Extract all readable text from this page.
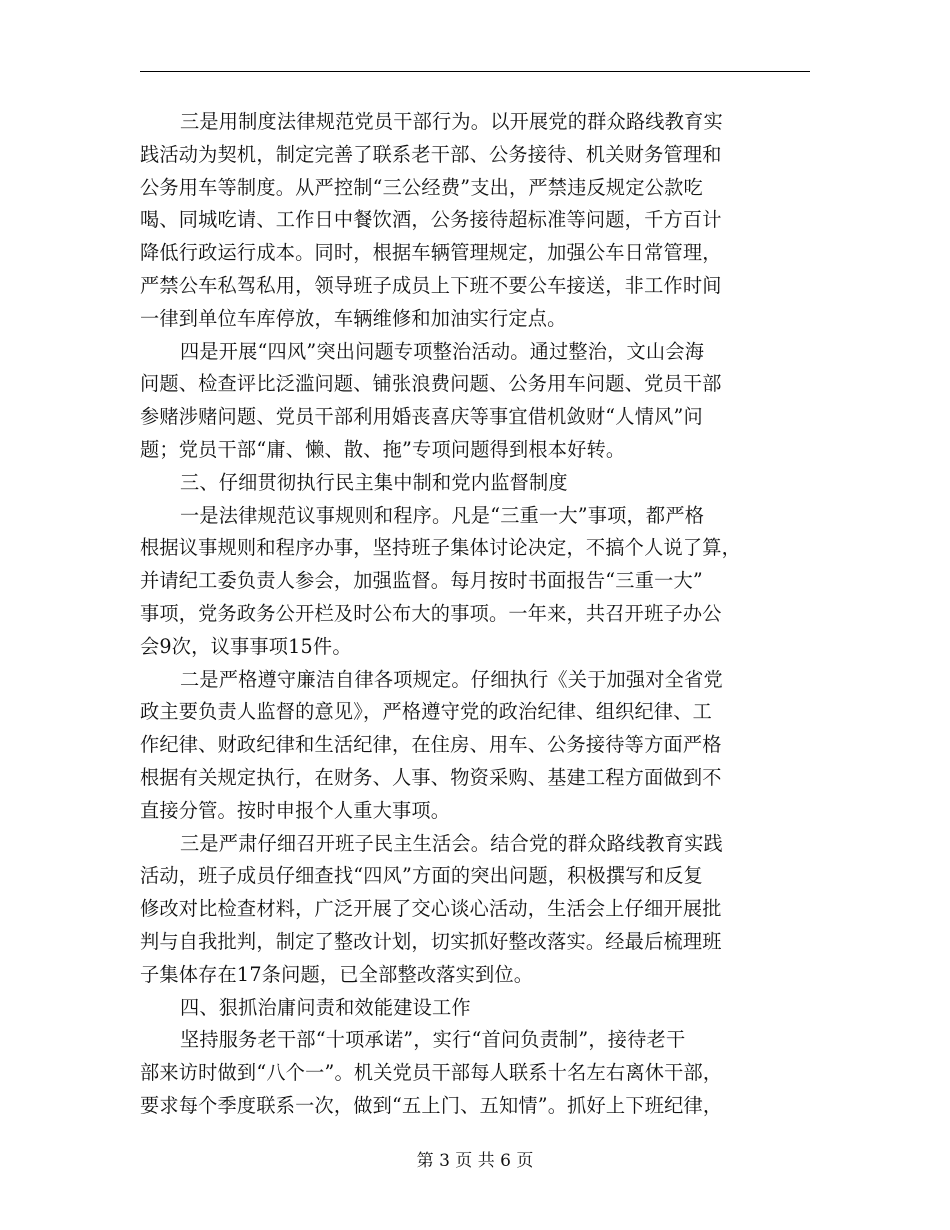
三是用制度法律规范党员干部行为。以开展党的群众路线教育实
践活动为契机，制定完善了联系老干部、公务接待、机关财务管理和
公务用车等制度。从严控制“三公经费”支出，严禁违反规定公款吃
喝、同城吃请、工作日中餐饮酒，公务接待超标准等问题，千方百计
降低行政运行成本。同时，根据车辆管理规定，加强公车日常管理，
严禁公车私驾私用，领导班子成员上下班不要公车接送，非工作时间
一律到单位车库停放，车辆维修和加油实行定点。
四是开展“四风”突出问题专项整治活动。通过整治，文山会海
问题、检查评比泛滥问题、铺张浪费问题、公务用车问题、党员干部
参赌涉赌问题、党员干部利用婚丧喜庆等事宜借机敛财“人情风”问
题；党员干部“庸、懒、散、拖”专项问题得到根本好转。
三、仔细贯彻执行民主集中制和党内监督制度
一是法律规范议事规则和程序。凡是“三重一大”事项，都严格
根据议事规则和程序办事，坚持班子集体讨论决定，不搞个人说了算，
并请纪工委负责人参会，加强监督。每月按时书面报告“三重一大”
事项，党务政务公开栏及时公布大的事项。一年来，共召开班子办公
会9次，议事事项15件。
二是严格遵守廉洁自律各项规定。仔细执行《关于加强对全省党
政主要负责人监督的意见》，严格遵守党的政治纪律、组织纪律、工
作纪律、财政纪律和生活纪律，在住房、用车、公务接待等方面严格
根据有关规定执行，在财务、人事、物资采购、基建工程方面做到不
直接分管。按时申报个人重大事项。
三是严肃仔细召开班子民主生活会。结合党的群众路线教育实践
活动，班子成员仔细查找“四风”方面的突出问题，积极撰写和反复
修改对比检查材料，广泛开展了交心谈心活动，生活会上仔细开展批
判与自我批判，制定了整改计划，切实抓好整改落实。经最后梳理班
子集体存在17条问题，已全部整改落实到位。
四、狠抓治庸问责和效能建设工作
坚持服务老干部“十项承诺”，实行“首问负责制”，接待老干
部来访时做到“八个一”。机关党员干部每人联系十名左右离休干部，
要求每个季度联系一次，做到“五上门、五知情”。抓好上下班纪律，
第 3 页 共 6 页
